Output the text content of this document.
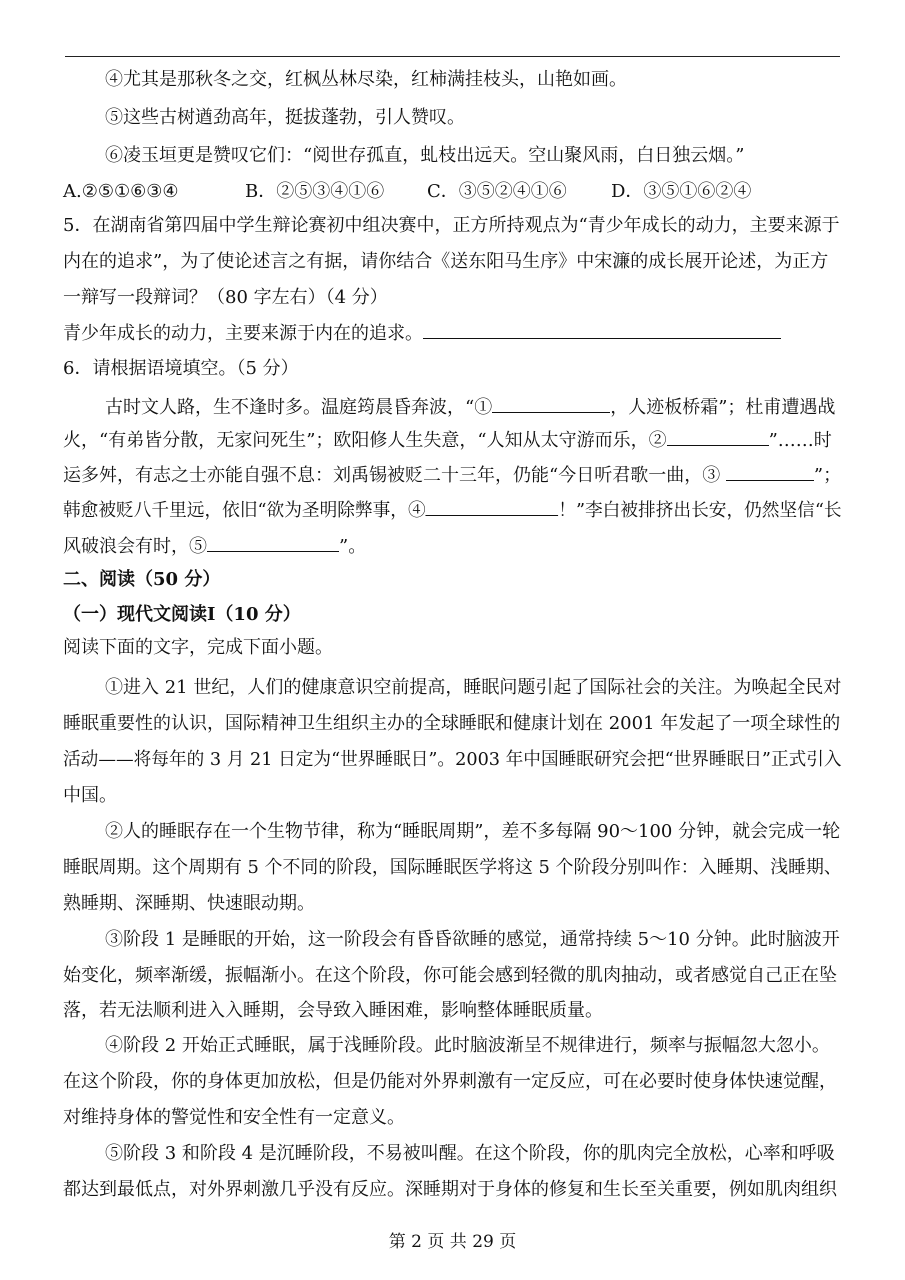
④尤其是那秋冬之交，红枫丛林尽染，红柿满挂枝头，山艳如画。
⑤这些古树遒劲高年，挺拔蓬勃，引人赞叹。
⑥凌玉垣更是赞叹它们：“阅世存孤直，虬枝出远天。空山聚风雨，白日独云烟。”
A.②⑤①⑥③④	B．②⑤③④①⑥ C．③⑤②④①⑥ D．③⑤①⑥②④
5．在湖南省第四届中学生辩论赛初中组决赛中，正方所持观点为“青少年成长的动力，主要来源于
内在的追求”，为了使论述言之有据，请你结合《送东阳马生序》中宋濂的成长展开论述，为正方
一辩写一段辩词？（80 字左右）（4 分）
青少年成长的动力，主要来源于内在的追求。
6．请根据语境填空。（5 分）
古时文人路，生不逢时多。温庭筠晨昏奔波，“①	，人迹板桥霜”；杜甫遭遇战
火，“有弟皆分散，无家问死生”；欧阳修人生失意，“人知从太守游而乐，②	”……时
运多舛，有志之士亦能自强不息：刘禹锡被贬二十三年，仍能“今日听君歌一曲，③	”；
韩愈被贬八千里远，依旧“欲为圣明除弊事，④	！”李白被排挤出长安，仍然坚信“长
风破浪会有时，⑤	”。
二、阅读（50 分）
（一）现代文阅读Ⅰ（10 分）
阅读下面的文字，完成下面小题。
①进入 21 世纪，人们的健康意识空前提高，睡眠问题引起了国际社会的关注。为唤起全民对
睡眠重要性的认识，国际精神卫生组织主办的全球睡眠和健康计划在 2001 年发起了一项全球性的
活动——将每年的 3 月 21 日定为“世界睡眠日”。2003 年中国睡眠研究会把“世界睡眠日”正式引入
中国。
②人的睡眠存在一个生物节律，称为“睡眠周期”，差不多每隔 90～100 分钟，就会完成一轮
睡眠周期。这个周期有 5 个不同的阶段，国际睡眠医学将这 5 个阶段分别叫作：入睡期、浅睡期、
熟睡期、深睡期、快速眼动期。
③阶段 1 是睡眠的开始，这一阶段会有昏昏欲睡的感觉，通常持续 5～10 分钟。此时脑波开
始变化，频率渐缓，振幅渐小。在这个阶段，你可能会感到轻微的肌肉抽动，或者感觉自己正在坠
落，若无法顺利进入入睡期，会导致入睡困难，影响整体睡眠质量。
④阶段 2 开始正式睡眠，属于浅睡阶段。此时脑波渐呈不规律进行，频率与振幅忽大忽小。
在这个阶段，你的身体更加放松，但是仍能对外界刺激有一定反应，可在必要时使身体快速觉醒，
对维持身体的警觉性和安全性有一定意义。
⑤阶段 3 和阶段 4 是沉睡阶段，不易被叫醒。在这个阶段，你的肌肉完全放松，心率和呼吸
都达到最低点，对外界刺激几乎没有反应。深睡期对于身体的修复和生长至关重要，例如肌肉组织
第 2 页 共 29 页
